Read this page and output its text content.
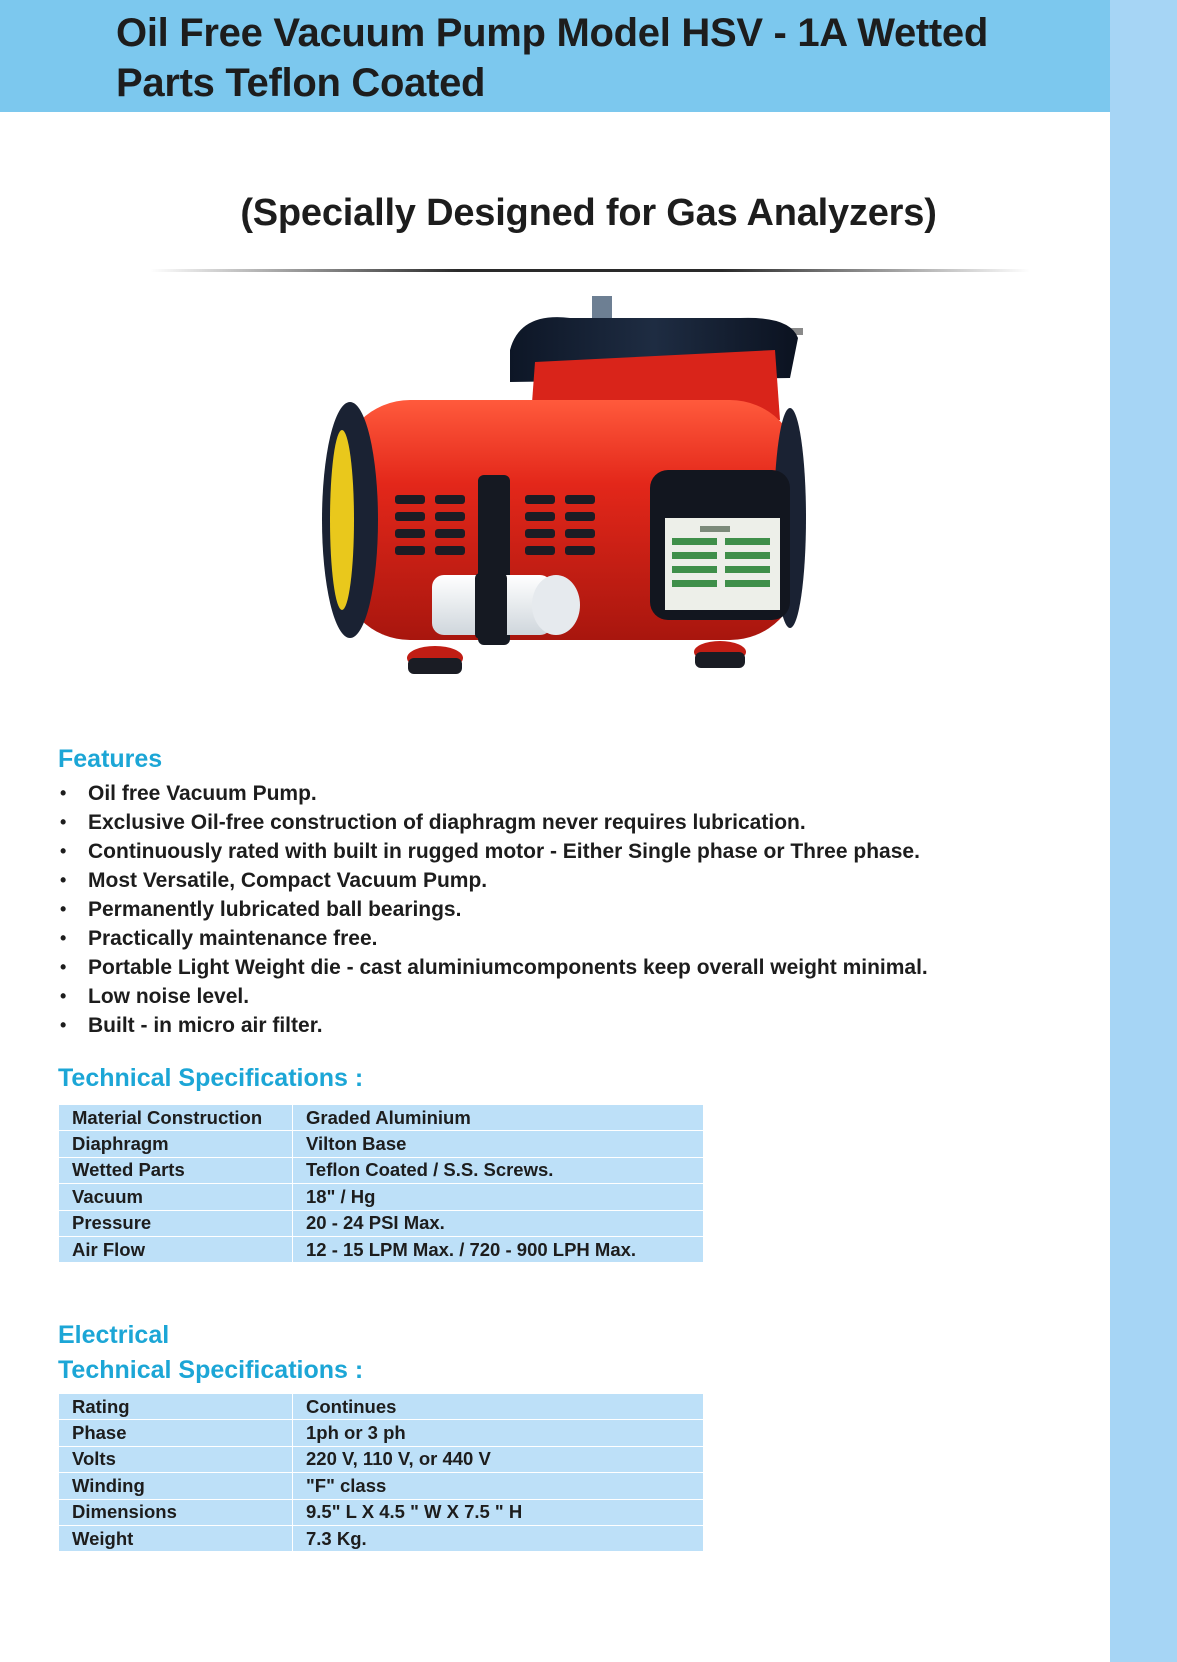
Oil Free Vacuum Pump Model HSV - 1A Wetted
Parts Teflon Coated
(Specially Designed for Gas Analyzers)
Features
• Oil free Vacuum Pump.
• Exclusive Oil-free construction of diaphragm never requires lubrication.
• Continuously rated with built in rugged motor - Either Single phase or Three phase.
• Most Versatile, Compact Vacuum Pump.
• Permanently lubricated ball bearings.
• Practically maintenance free.
• Portable Light Weight die - cast aluminiumcomponents keep overall weight minimal.
• Low noise level.
• Built - in micro air filter.
Technical Specifications :
Material Construction	Graded Aluminium
Diaphragm	Vilton Base
Wetted Parts	Teflon Coated / S.S. Screws.
Vacuum	18" / Hg
Pressure	20 - 24 PSI Max.
Air Flow	12 - 15 LPM Max. / 720 - 900 LPH Max.
Electrical
Technical Specifications :
Rating	Continues
Phase	1ph or 3 ph
Volts	220 V, 110 V, or 440 V
Winding	"F" class
Dimensions	9.5" L X 4.5 " W X 7.5 " H
Weight	7.3 Kg.
